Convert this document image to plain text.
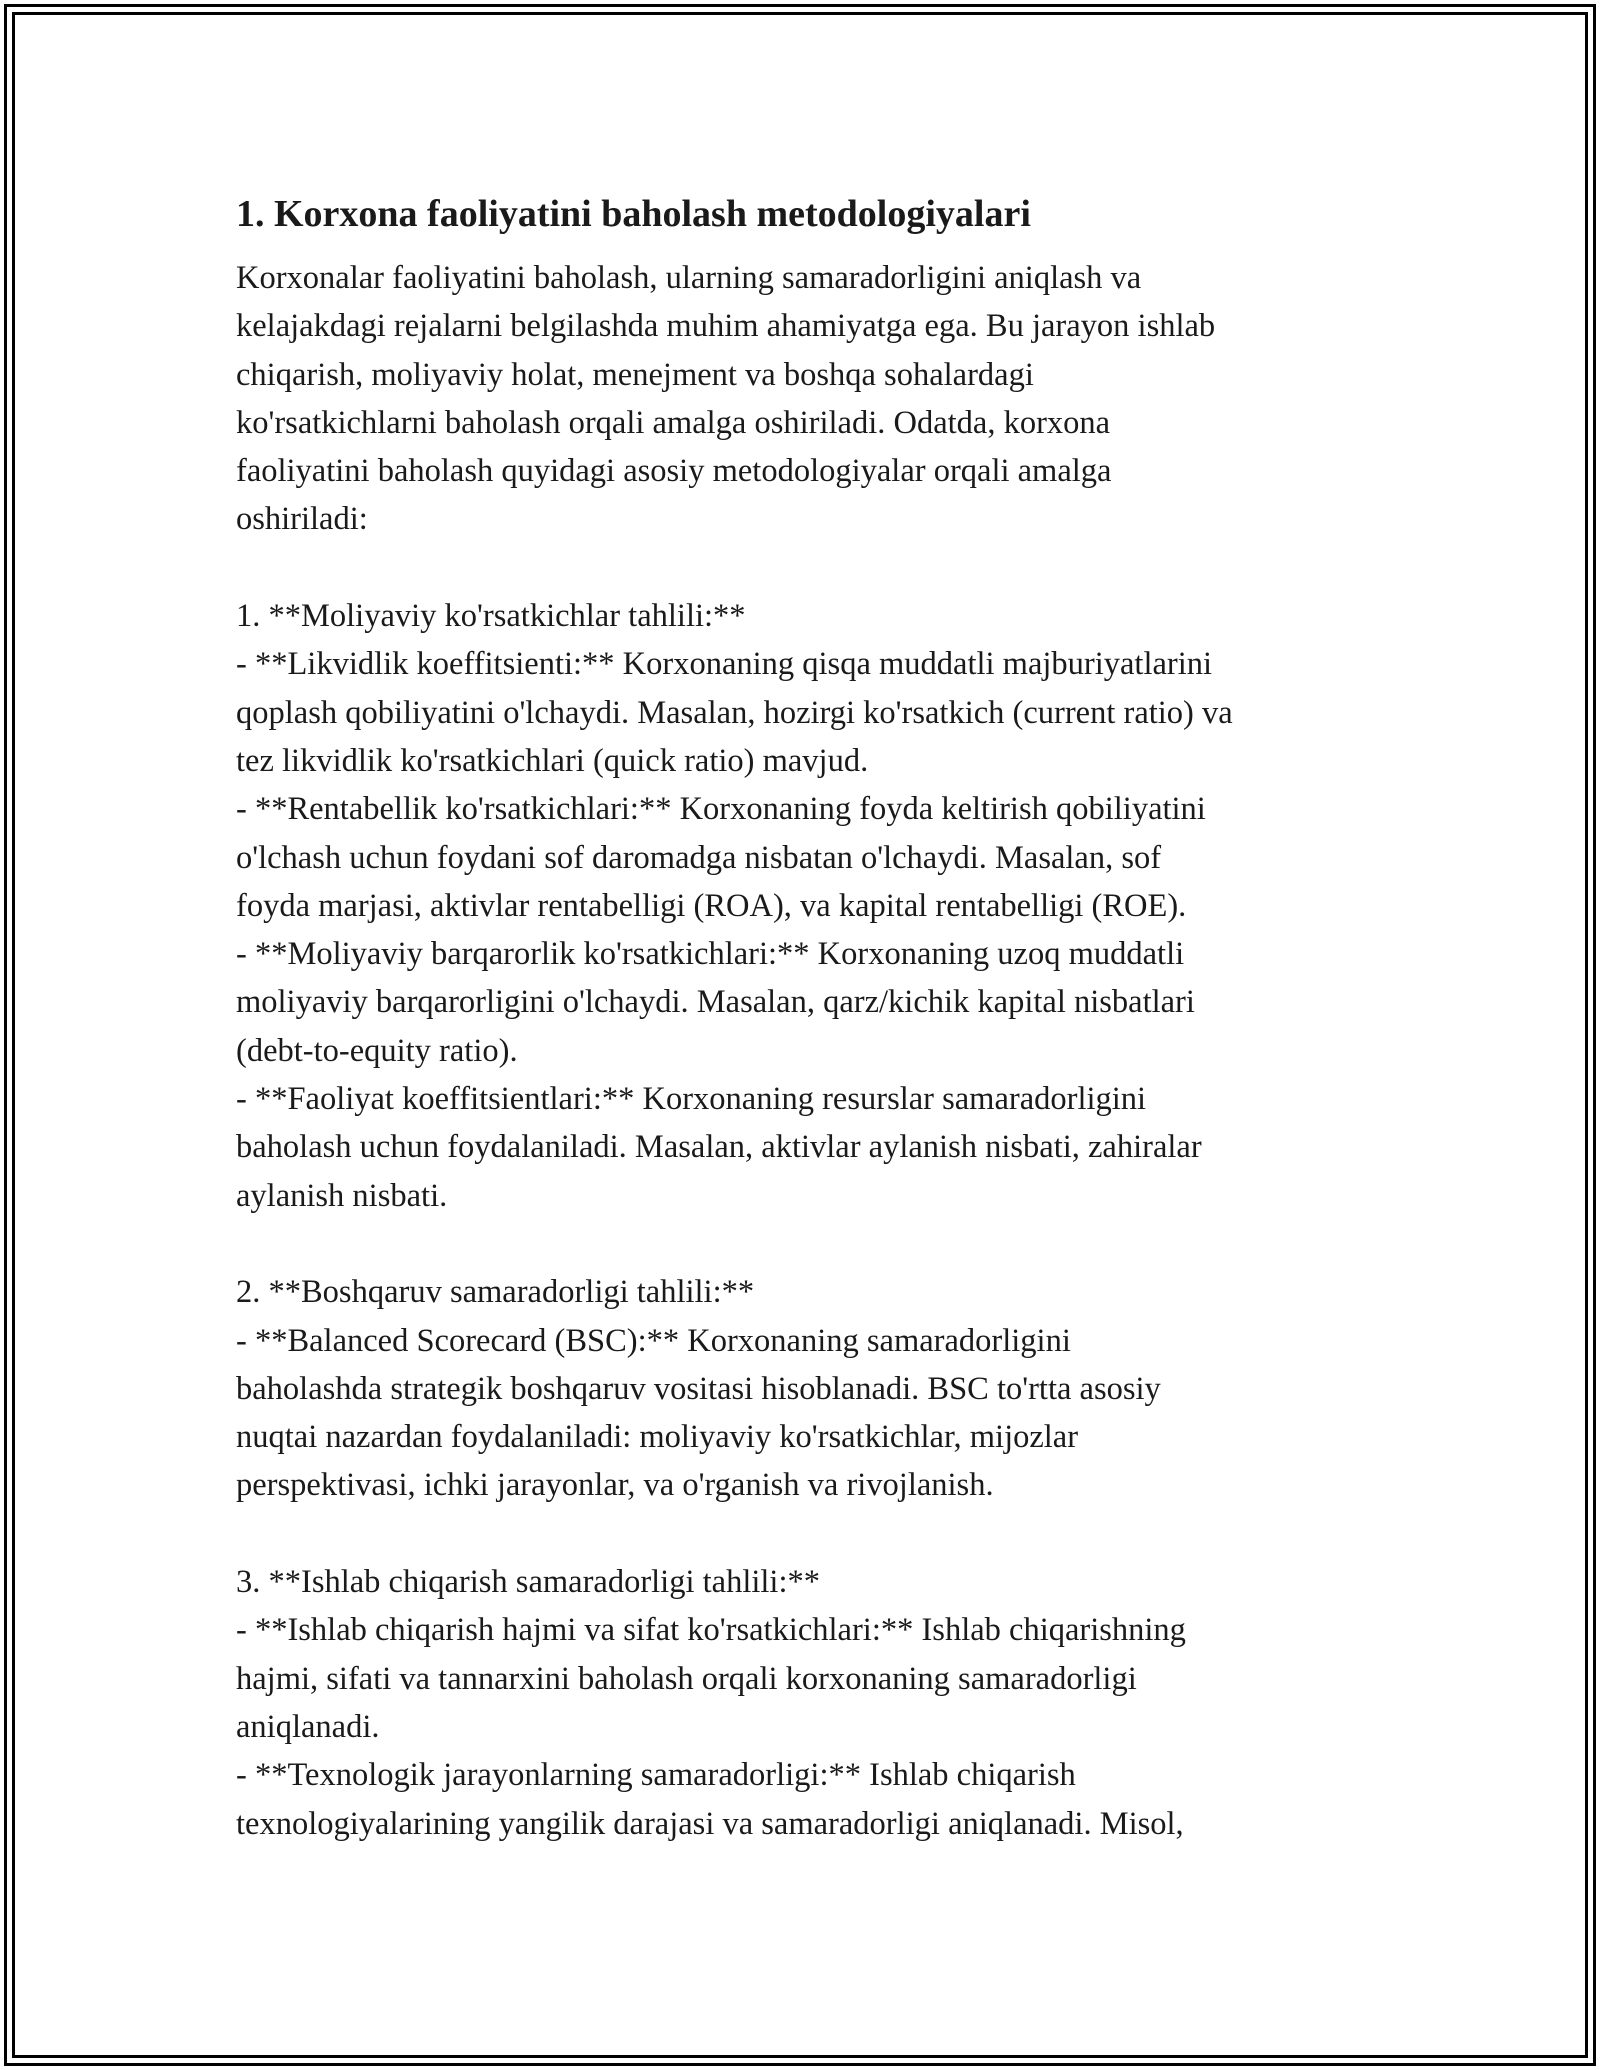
1. Korxona faoliyatini baholash metodologiyalari

Korxonalar faoliyatini baholash, ularning samaradorligini aniqlash va
kelajakdagi rejalarni belgilashda muhim ahamiyatga ega. Bu jarayon ishlab
chiqarish, moliyaviy holat, menejment va boshqa sohalardagi
ko'rsatkichlarni baholash orqali amalga oshiriladi. Odatda, korxona
faoliyatini baholash quyidagi asosiy metodologiyalar orqali amalga
oshiriladi:

1. **Moliyaviy ko'rsatkichlar tahlili:**
- **Likvidlik koeffitsienti:** Korxonaning qisqa muddatli majburiyatlarini
qoplash qobiliyatini o'lchaydi. Masalan, hozirgi ko'rsatkich (current ratio) va
tez likvidlik ko'rsatkichlari (quick ratio) mavjud.
- **Rentabellik ko'rsatkichlari:** Korxonaning foyda keltirish qobiliyatini
o'lchash uchun foydani sof daromadga nisbatan o'lchaydi. Masalan, sof
foyda marjasi, aktivlar rentabelligi (ROA), va kapital rentabelligi (ROE).
- **Moliyaviy barqarorlik ko'rsatkichlari:** Korxonaning uzoq muddatli
moliyaviy barqarorligini o'lchaydi. Masalan, qarz/kichik kapital nisbatlari
(debt-to-equity ratio).
- **Faoliyat koeffitsientlari:** Korxonaning resurslar samaradorligini
baholash uchun foydalaniladi. Masalan, aktivlar aylanish nisbati, zahiralar
aylanish nisbati.

2. **Boshqaruv samaradorligi tahlili:**
- **Balanced Scorecard (BSC):** Korxonaning samaradorligini
baholashda strategik boshqaruv vositasi hisoblanadi. BSC to'rtta asosiy
nuqtai nazardan foydalaniladi: moliyaviy ko'rsatkichlar, mijozlar
perspektivasi, ichki jarayonlar, va o'rganish va rivojlanish.

3. **Ishlab chiqarish samaradorligi tahlili:**
- **Ishlab chiqarish hajmi va sifat ko'rsatkichlari:** Ishlab chiqarishning
hajmi, sifati va tannarxini baholash orqali korxonaning samaradorligi
aniqlanadi.
- **Texnologik jarayonlarning samaradorligi:** Ishlab chiqarish
texnologiyalarining yangilik darajasi va samaradorligi aniqlanadi. Misol,
